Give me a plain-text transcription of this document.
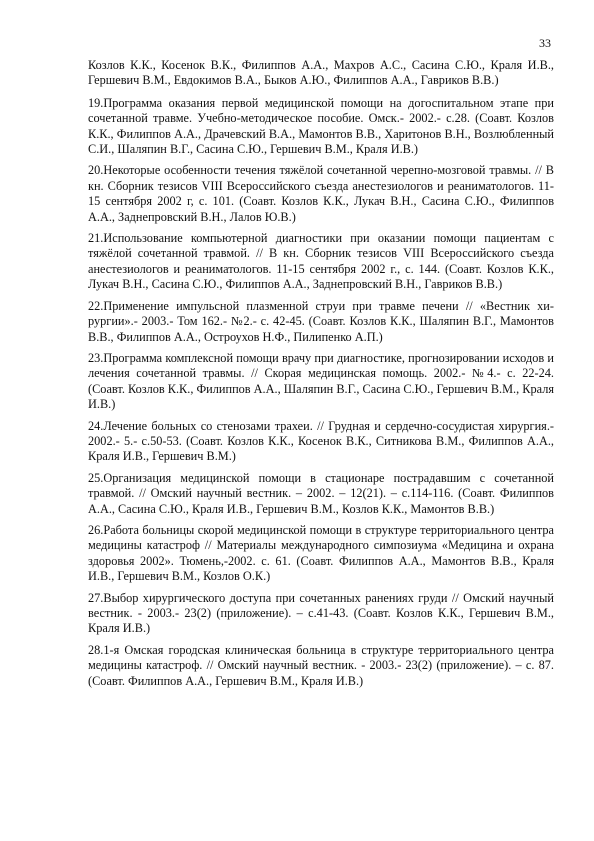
33

Козлов К.К., Косенок В.К., Филиппов А.А., Махров А.С., Сасина С.Ю., Краля И.В., Гершевич В.М., Евдокимов В.А., Быков А.Ю., Филиппов А.А., Гавриков В.В.)

19.Программа оказания первой медицинской помощи на догоспитальном этапе при сочетанной травме. Учебно-методическое пособие. Омск.- 2002.- с.28. (Соавт. Козлов К.К., Филиппов А.А., Драчевский В.А., Мамонтов В.В., Харитонов В.Н., Возлюбленный С.И., Шаляпин В.Г., Сасина С.Ю., Гершевич В.М., Краля И.В.)

20.Некоторые особенности течения тяжёлой сочетанной черепно-мозговой травмы. // В кн. Сборник тезисов VIII Всероссийского съезда анестезиологов и реаниматологов. 11-15 сентября 2002 г, с. 101. (Соавт. Козлов К.К., Лукач В.Н., Сасина С.Ю., Филиппов А.А., Заднепровский В.Н., Лалов Ю.В.)

21.Использование компьютерной диагностики при оказании помощи пациентам с тяжёлой сочетанной травмой. // В кн. Сборник тезисов VIII Всероссийского съезда анестезиологов и реаниматологов. 11-15 сентября 2002 г., с. 144. (Соавт. Козлов К.К., Лукач В.Н., Сасина С.Ю., Филиппов А.А., Заднепровский В.Н., Гавриков В.В.)

22.Применение импульсной плазменной струи при травме печени // «Вестник хирургии».- 2003.- Том 162.- №2.- с. 42-45. (Соавт. Козлов К.К., Шаляпин В.Г., Мамонтов В.В., Филиппов А.А., Остроухов Н.Ф., Пилипенко А.П.)

23.Программа комплексной помощи врачу при диагностике, прогнозировании исходов и лечения сочетанной травмы. // Скорая медицинская помощь. 2002.- №4.- с. 22-24. (Соавт. Козлов К.К., Филиппов А.А., Шаляпин В.Г., Сасина С.Ю., Гершевич В.М., Краля И.В.)

24.Лечение больных со стенозами трахеи. // Грудная и сердечно-сосудистая хирургия.- 2002.- 5.- с.50-53. (Соавт. Козлов К.К., Косенок В.К., Ситникова В.М., Филиппов А.А., Краля И.В., Гершевич В.М.)

25.Организация медицинской помощи в стационаре пострадавшим с сочетанной травмой. // Омский научный вестник. – 2002. – 12(21). – с.114-116. (Соавт. Филиппов А.А., Сасина С.Ю., Краля И.В., Гершевич В.М., Козлов К.К., Мамонтов В.В.)

26.Работа больницы скорой медицинской помощи в структуре территориального центра медицины катастроф // Материалы международного симпозиума «Медицина и охрана здоровья 2002». Тюмень,-2002. с. 61. (Соавт. Филиппов А.А., Мамонтов В.В., Краля И.В., Гершевич В.М., Козлов О.К.)

27.Выбор хирургического доступа при сочетанных ранениях груди // Омский научный вестник. - 2003.- 23(2) (приложение). – с.41-43. (Соавт. Козлов К.К., Гершевич В.М., Краля И.В.)

28.1-я Омская городская клиническая больница в структуре территориального центра медицины катастроф. // Омский научный вестник. - 2003.- 23(2) (приложение). – с. 87. (Соавт. Филиппов А.А., Гершевич В.М., Краля И.В.)
